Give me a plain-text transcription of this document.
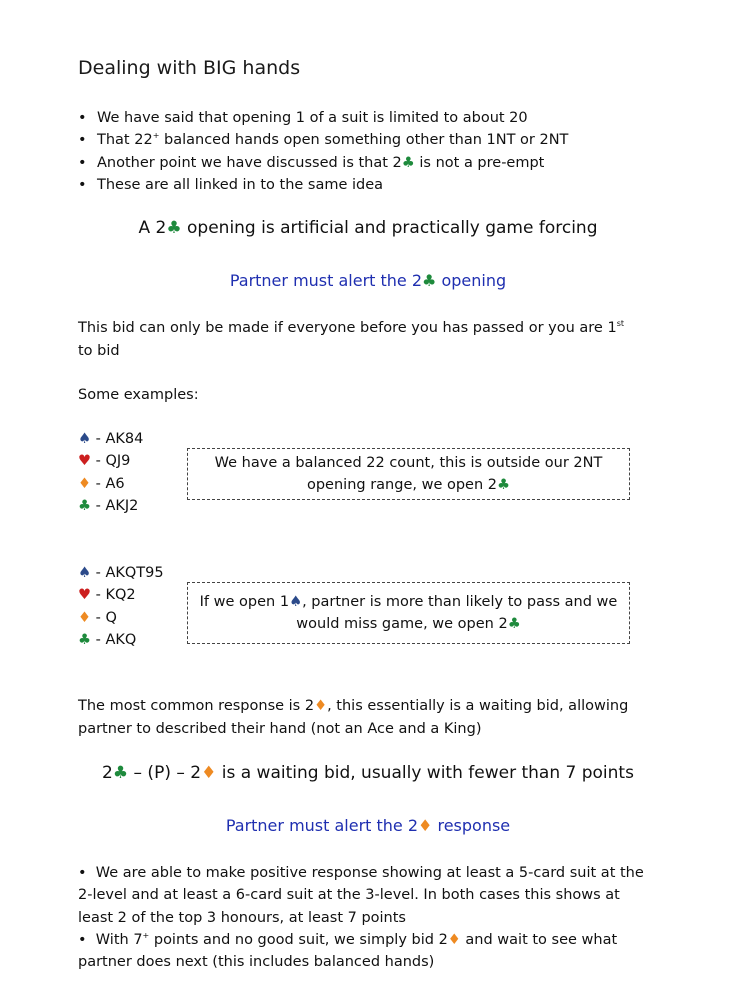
Dealing with BIG hands
• We have said that opening 1 of a suit is limited to about 20
• That 22+ balanced hands open something other than 1NT or 2NT
• Another point we have discussed is that 2♣ is not a pre-empt
• These are all linked in to the same idea
A 2♣ opening is artificial and practically game forcing
Partner must alert the 2♣ opening
This bid can only be made if everyone before you has passed or you are 1st to bid
Some examples:
♠ - AK84
♥ - QJ9
♦ - A6
♣ - AKJ2
We have a balanced 22 count, this is outside our 2NT
opening range, we open 2♣
♠ - AKQT95
♥ - KQ2
♦ - Q
♣ - AKQ
If we open 1♠, partner is more than likely to pass and we
would miss game, we open 2♣
The most common response is 2♦, this essentially is a waiting bid, allowing partner to described their hand (not an Ace and a King)
2♣ – (P) – 2♦ is a waiting bid, usually with fewer than 7 points
Partner must alert the 2♦ response
•  We are able to make positive response showing at least a 5-card suit at the 2-level and at least a 6-card suit at the 3-level. In both cases this shows at least 2 of the top 3 honours, at least 7 points
•  With 7+ points and no good suit, we simply bid 2♦ and wait to see what partner does next (this includes balanced hands)
